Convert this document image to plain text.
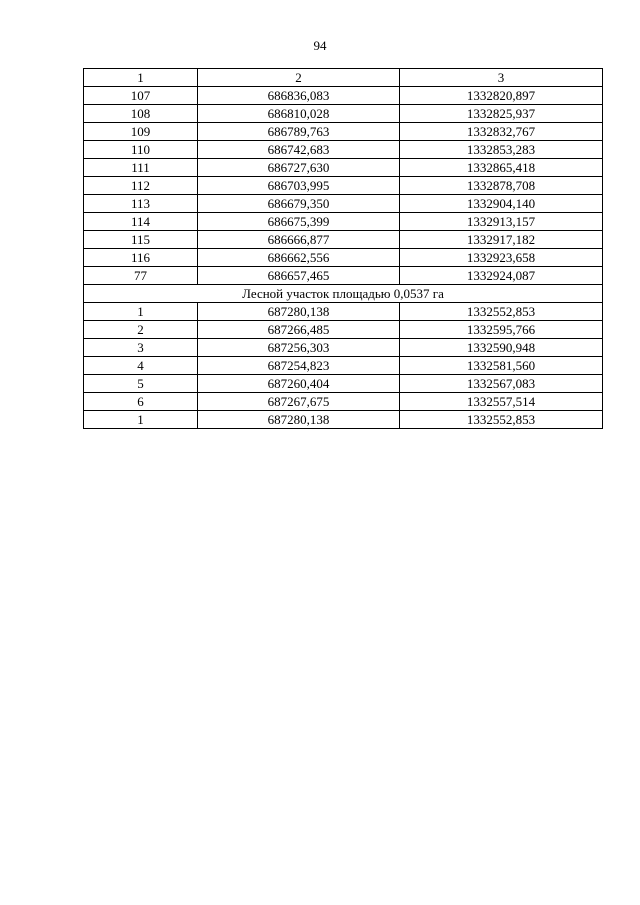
94
1	2	3
107	686836,083	1332820,897
108	686810,028	1332825,937
109	686789,763	1332832,767
110	686742,683	1332853,283
111	686727,630	1332865,418
112	686703,995	1332878,708
113	686679,350	1332904,140
114	686675,399	1332913,157
115	686666,877	1332917,182
116	686662,556	1332923,658
77	686657,465	1332924,087
Лесной участок площадью 0,0537 га		
1	687280,138	1332552,853
2	687266,485	1332595,766
3	687256,303	1332590,948
4	687254,823	1332581,560
5	687260,404	1332567,083
6	687267,675	1332557,514
1	687280,138	1332552,853
